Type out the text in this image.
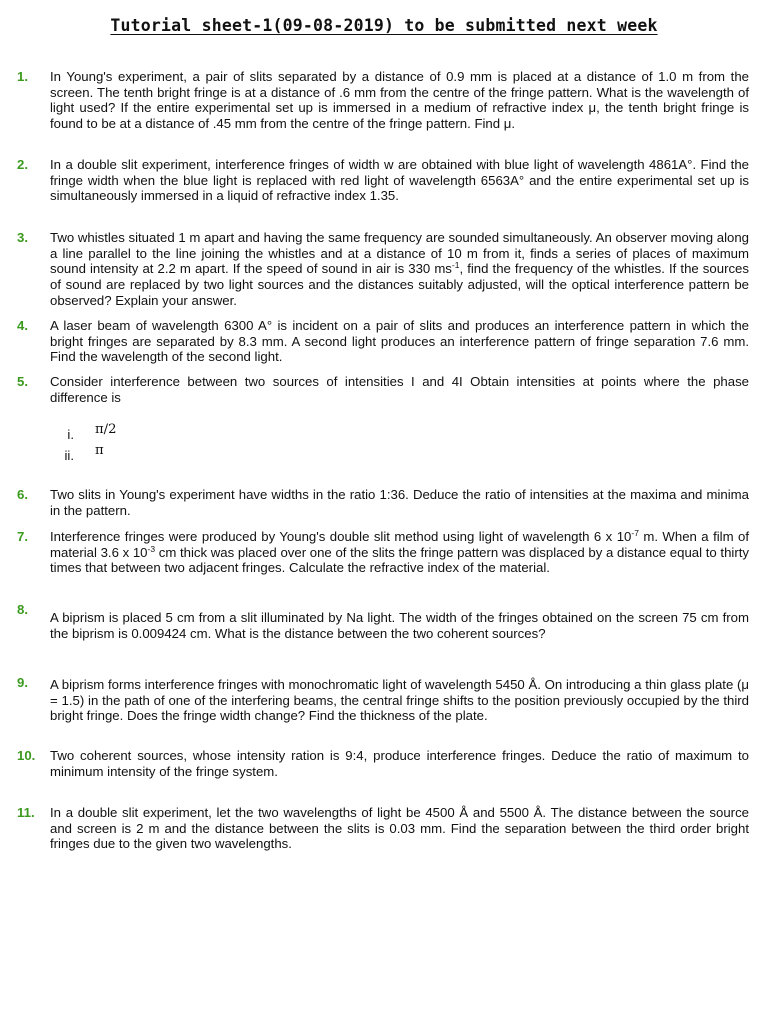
Tutorial sheet-1(09-08-2019) to be submitted next week
1. In Young's experiment, a pair of slits separated by a distance of 0.9 mm is placed at a distance of 1.0 m from the screen. The tenth bright fringe is at a distance of .6 mm from the centre of the fringe pattern. What is the wavelength of light used? If the entire experimental set up is immersed in a medium of refractive index μ, the tenth bright fringe is found to be at a distance of .45 mm from the centre of the fringe pattern. Find μ.

2. In a double slit experiment, interference fringes of width w are obtained with blue light of wavelength 4861A°. Find the fringe width when the blue light is replaced with red light of wavelength 6563A° and the entire experimental set up is simultaneously immersed in a liquid of refractive index 1.35.

3. Two whistles situated 1 m apart and having the same frequency are sounded simultaneously. An observer moving along a line parallel to the line joining the whistles and at a distance of 10 m from it, finds a series of places of maximum sound intensity at 2.2 m apart. If the speed of sound in air is 330 $ms^{-1}$, find the frequency of the whistles. If the sources of sound are replaced by two light sources and the distances suitably adjusted, will the optical interference pattern be observed? Explain your answer.

4. A laser beam of wavelength 6300 A° is incident on a pair of slits and produces an interference pattern in which the bright fringes are separated by 8.3 mm. A second light produces an interference pattern of fringe separation 7.6 mm. Find the wavelength of the second light.

5. Consider interference between two sources of intensities I and 4I Obtain intensities at points where the phase difference is

i. π/2
ii. π
6. Two slits in Young's experiment have widths in the ratio 1:36. Deduce the ratio of intensities at the maxima and minima in the pattern.

7. Interference fringes were produced by Young's double slit method using light of wavelength 6 x $10^{-7}$ m. When a film of material 3.6 x $10^{-3}$ cm thick was placed over one of the slits the fringe pattern was displaced by a distance equal to thirty times that between two adjacent fringes. Calculate the refractive index of the material.

8.

A biprism is placed 5 cm from a slit illuminated by Na light. The width of the fringes obtained on the screen 75 cm from the biprism is 0.009424 cm. What is the distance between the two coherent sources?

9. A biprism forms interference fringes with monochromatic light of wavelength 5450 Å. On introducing a thin glass plate (μ = 1.5) in the path of one of the interfering beams, the central fringe shifts to the position previously occupied by the third bright fringe. Does the fringe width change? Find the thickness of the plate.

10. Two coherent sources, whose intensity ration is 9:4, produce interference fringes. Deduce the ratio of maximum to minimum intensity of the fringe system.

11. In a double slit experiment, let the two wavelengths of light be 4500 Å and 5500 Å. The distance between the source and screen is 2 m and the distance between the slits is 0.03 mm. Find the separation between the third order bright fringes due to the given two wavelengths.
